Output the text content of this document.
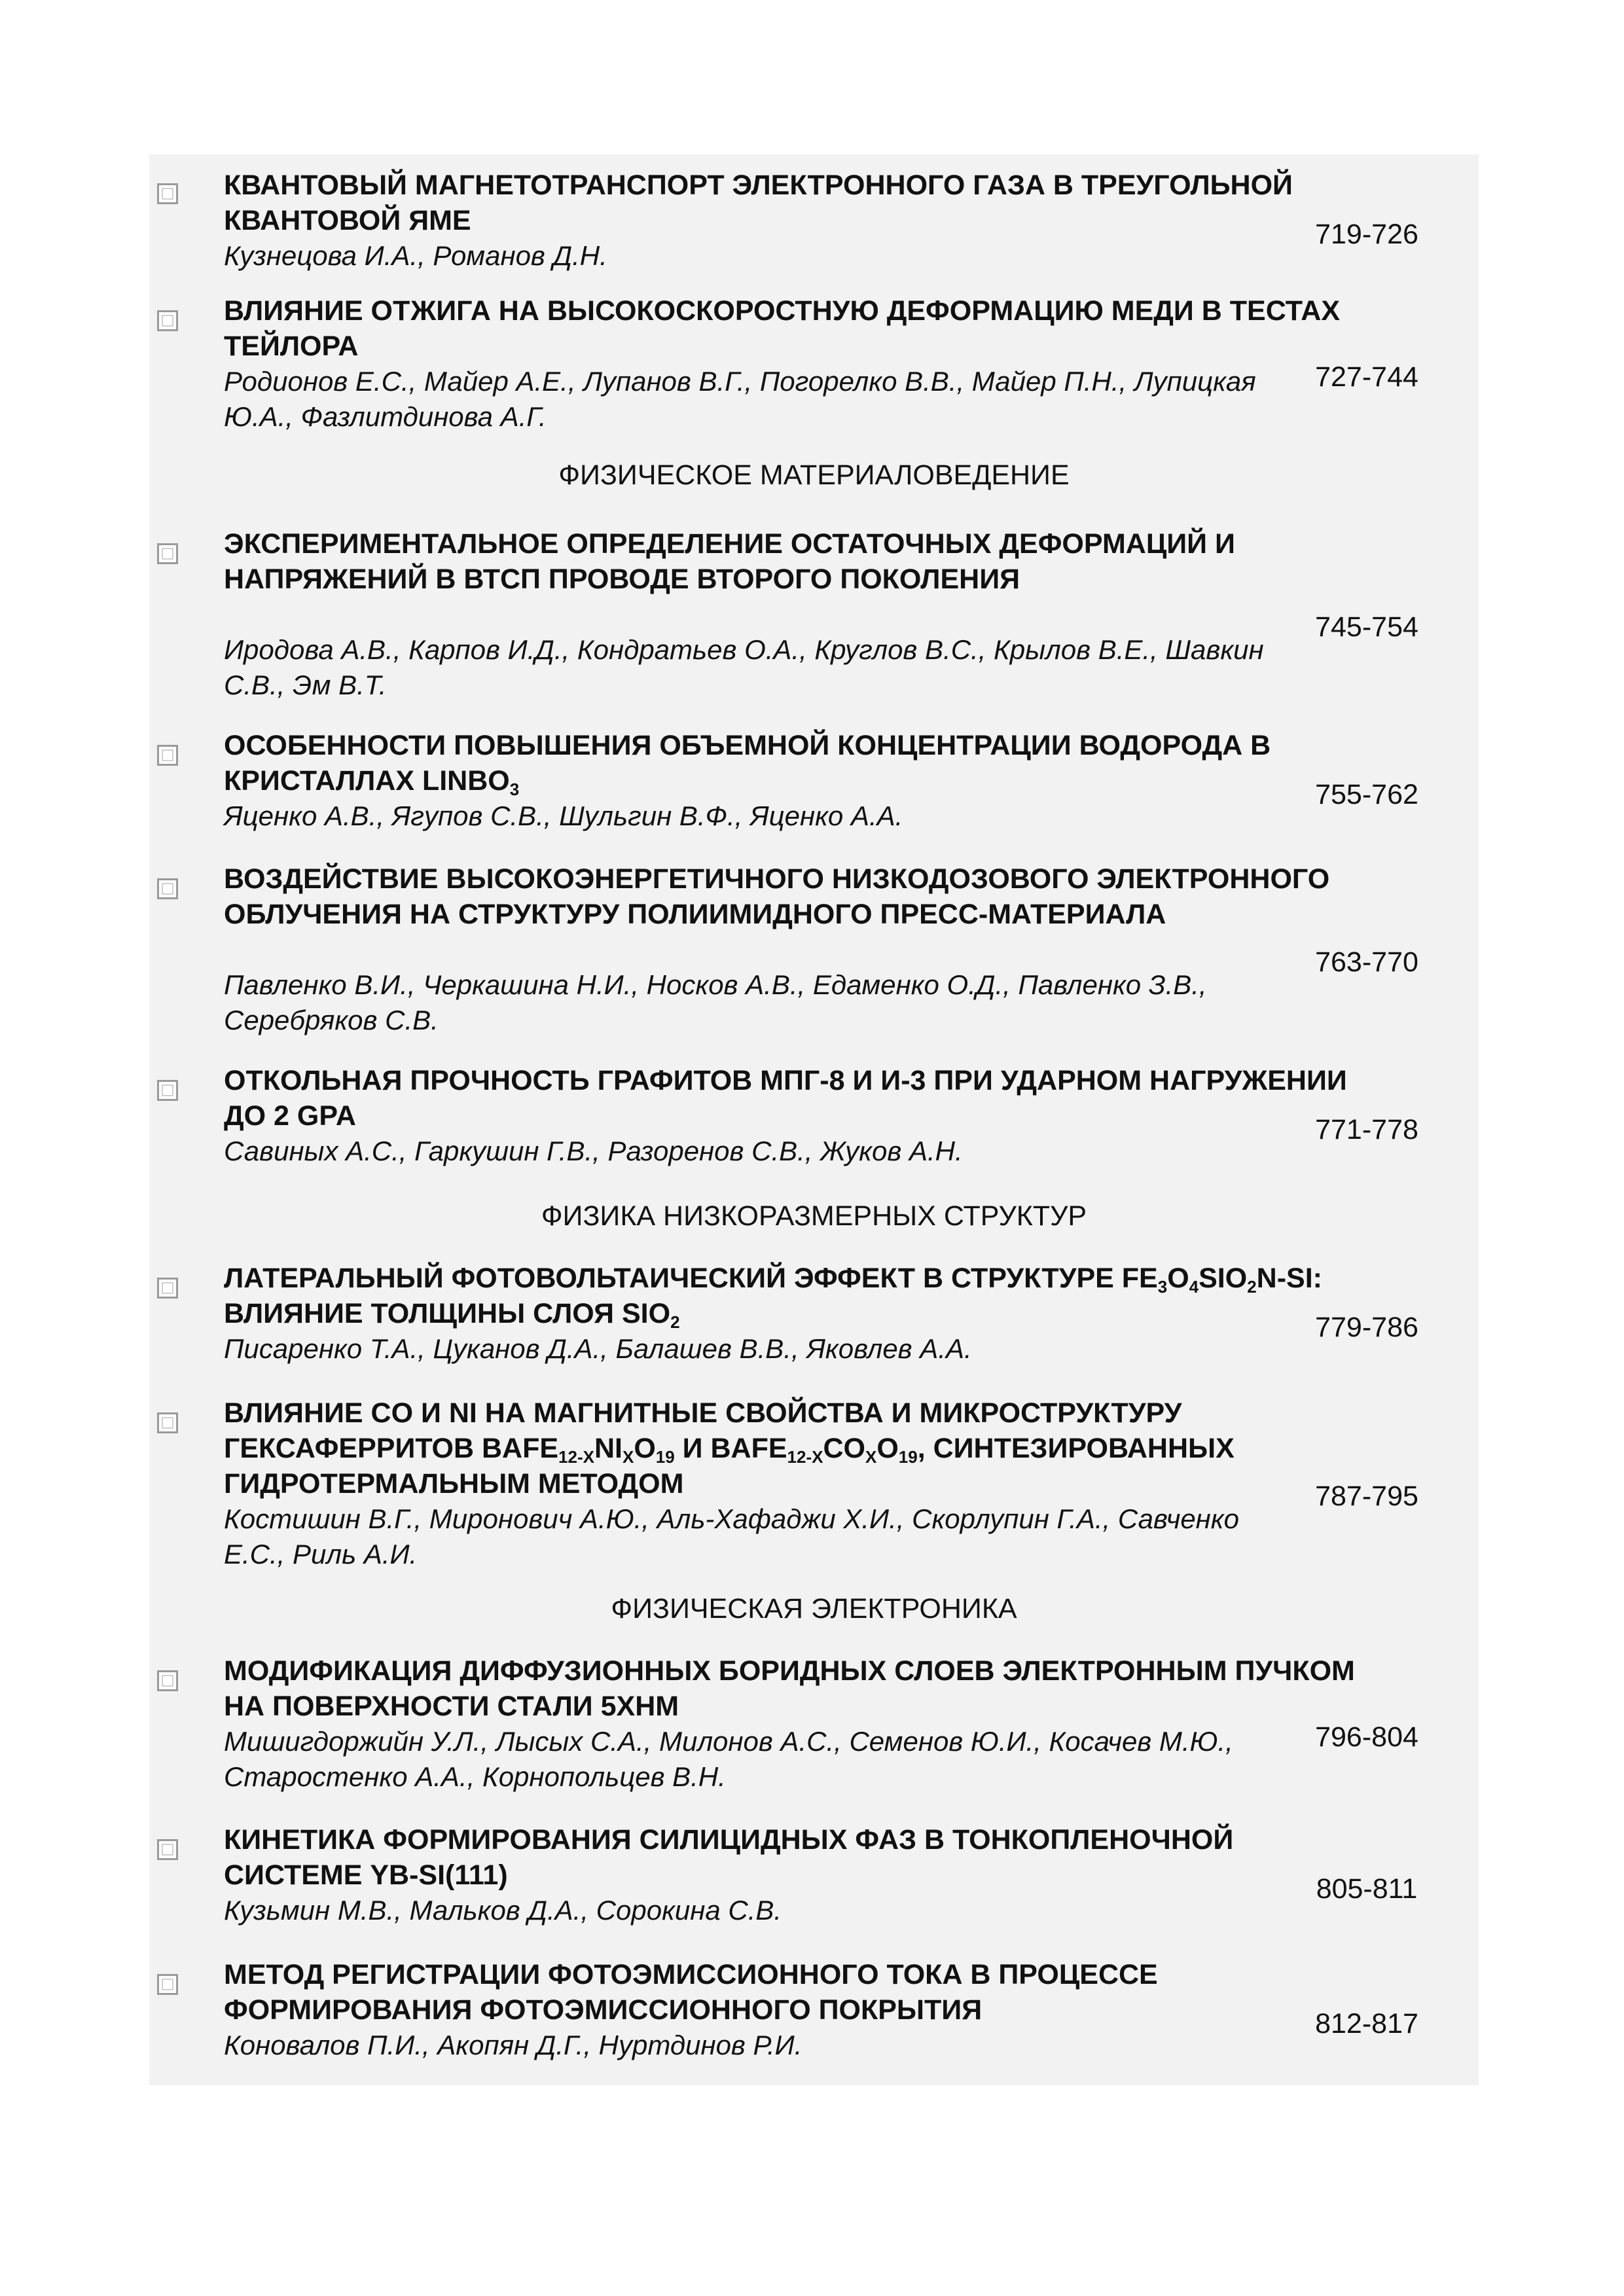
КВАНТОВЫЙ МАГНЕТОТРАНСПОРТ ЭЛЕКТРОННОГО ГАЗА В ТРЕУГОЛЬНОЙ КВАНТОВОЙ ЯМЕ
Кузнецова И.А., Романов Д.Н.
719-726
ВЛИЯНИЕ ОТЖИГА НА ВЫСОКОСКОРОСТНУЮ ДЕФОРМАЦИЮ МЕДИ В ТЕСТАХ ТЕЙЛОРА
Родионов Е.С., Майер А.Е., Лупанов В.Г., Погорелко В.В., Майер П.Н., Лупицкая Ю.А., Фазлитдинова А.Г.
727-744
ФИЗИЧЕСКОЕ МАТЕРИАЛОВЕДЕНИЕ
ЭКСПЕРИМЕНТАЛЬНОЕ ОПРЕДЕЛЕНИЕ ОСТАТОЧНЫХ ДЕФОРМАЦИЙ И НАПРЯЖЕНИЙ В ВТСП ПРОВОДЕ ВТОРОГО ПОКОЛЕНИЯ
Иродова А.В., Карпов И.Д., Кондратьев О.А., Круглов В.С., Крылов В.Е., Шавкин С.В., Эм В.Т.
745-754
ОСОБЕННОСТИ ПОВЫШЕНИЯ ОБЪЕМНОЙ КОНЦЕНТРАЦИИ ВОДОРОДА В КРИСТАЛЛАХ $LINBO_3$
Яценко А.В., Ягупов С.В., Шульгин В.Ф., Яценко А.А.
755-762
ВОЗДЕЙСТВИЕ ВЫСОКОЭНЕРГЕТИЧНОГО НИЗКОДОЗОВОГО ЭЛЕКТРОННОГО ОБЛУЧЕНИЯ НА СТРУКТУРУ ПОЛИИМИДНОГО ПРЕСС-МАТЕРИАЛА
Павленко В.И., Черкашина Н.И., Носков А.В., Едаменко О.Д., Павленко З.В., Серебряков С.В.
763-770
ОТКОЛЬНАЯ ПРОЧНОСТЬ ГРАФИТОВ МПГ-8 И И-3 ПРИ УДАРНОМ НАГРУЖЕНИИ ДО 2 GPA
Савиных А.С., Гаркушин Г.В., Разоренов С.В., Жуков А.Н.
771-778
ФИЗИКА НИЗКОРАЗМЕРНЫХ СТРУКТУР
ЛАТЕРАЛЬНЫЙ ФОТОВОЛЬТАИЧЕСКИЙ ЭФФЕКТ В СТРУКТУРЕ $FE_3O_4SIO_2N-SI$: ВЛИЯНИЕ ТОЛЩИНЫ СЛОЯ $SIO_2$
Писаренко Т.А., Цуканов Д.А., Балашев В.В., Яковлев А.А.
779-786
ВЛИЯНИЕ CO И NI НА МАГНИТНЫЕ СВОЙСТВА И МИКРОСТРУКТУРУ ГЕКСАФЕРРИТОВ $BAFE_{12-X}NI_XO_{19}$ И $BAFE_{12-X}CO_XO_{19}$, СИНТЕЗИРОВАННЫХ ГИДРОТЕРМАЛЬНЫМ МЕТОДОМ
Костишин В.Г., Миронович А.Ю., Аль-Хафаджи Х.И., Скорлупин Г.А., Савченко Е.С., Риль А.И.
787-795
ФИЗИЧЕСКАЯ ЭЛЕКТРОНИКА
МОДИФИКАЦИЯ ДИФФУЗИОННЫХ БОРИДНЫХ СЛОЕВ ЭЛЕКТРОННЫМ ПУЧКОМ НА ПОВЕРХНОСТИ СТАЛИ 5ХНМ
Мишигдоржийн У.Л., Лысых С.А., Милонов А.С., Семенов Ю.И., Косачев М.Ю., Старостенко А.А., Корнопольцев В.Н.
796-804
КИНЕТИКА ФОРМИРОВАНИЯ СИЛИЦИДНЫХ ФАЗ В ТОНКОПЛЕНОЧНОЙ СИСТЕМЕ YB-SI(111)
Кузьмин М.В., Мальков Д.А., Сорокина С.В.
805-811
МЕТОД РЕГИСТРАЦИИ ФОТОЭМИССИОННОГО ТОКА В ПРОЦЕССЕ ФОРМИРОВАНИЯ ФОТОЭМИССИОННОГО ПОКРЫТИЯ
Коновалов П.И., Акопян Д.Г., Нуртдинов Р.И.
812-817
